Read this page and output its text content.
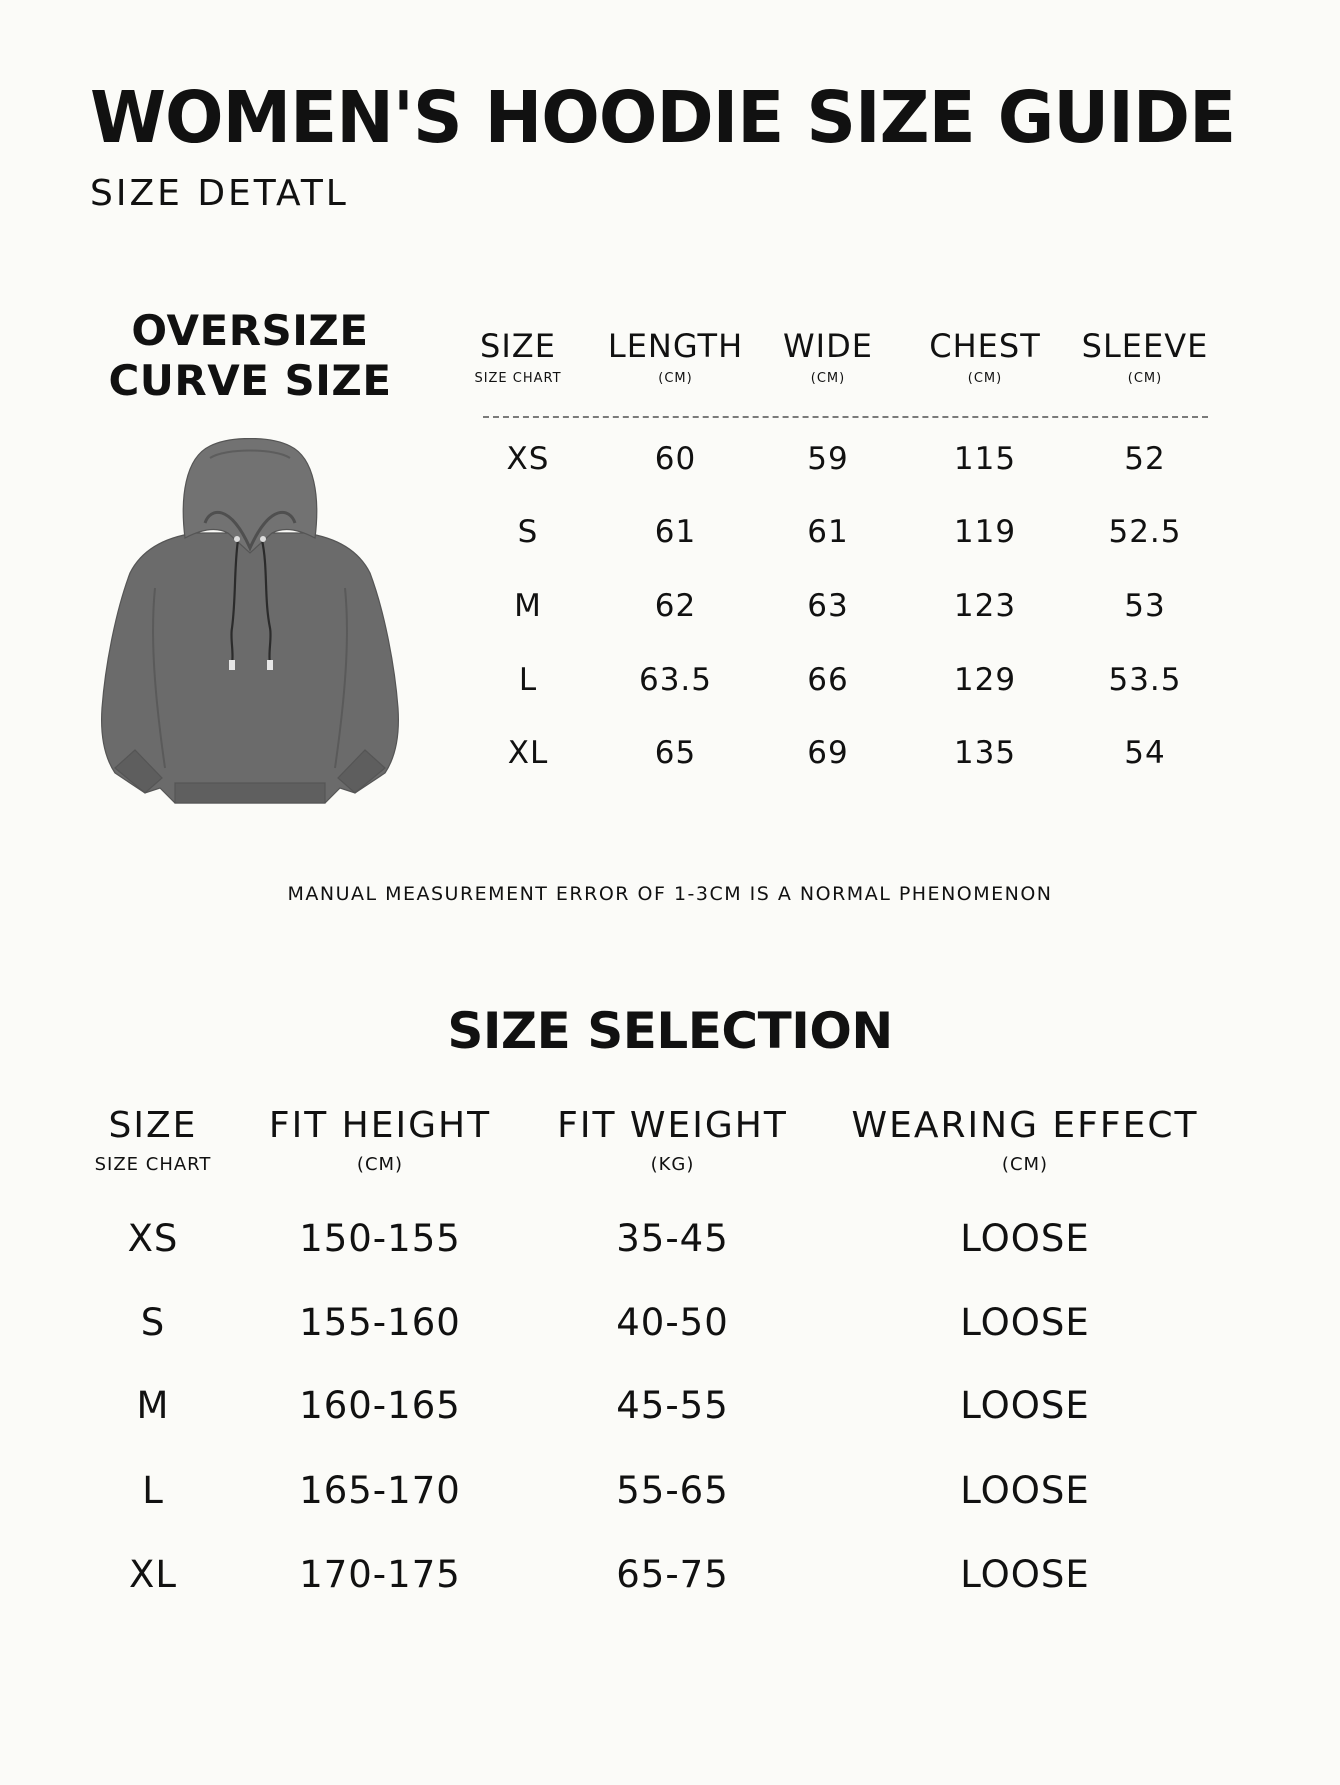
WOMEN'S HOODIE SIZE GUIDE
SIZE DETATL
OVERSIZE
CURVE SIZE
SIZE
SIZE CHART
LENGTH
(CM)
WIDE
(CM)
CHEST
(CM)
SLEEVE
(CM)
XS	60	59	115	52
S	61	61	119	52.5
M	62	63	123	53
L	63.5	66	129	53.5
XL	65	69	135	54
MANUAL MEASUREMENT ERROR OF 1-3CM IS A NORMAL PHENOMENON
SIZE SELECTION
SIZE
SIZE CHART
FIT HEIGHT
(CM)
FIT WEIGHT
(KG)
WEARING EFFECT
(CM)
XS	150-155	35-45	LOOSE
S	155-160	40-50	LOOSE
M	160-165	45-55	LOOSE
L	165-170	55-65	LOOSE
XL	170-175	65-75	LOOSE
